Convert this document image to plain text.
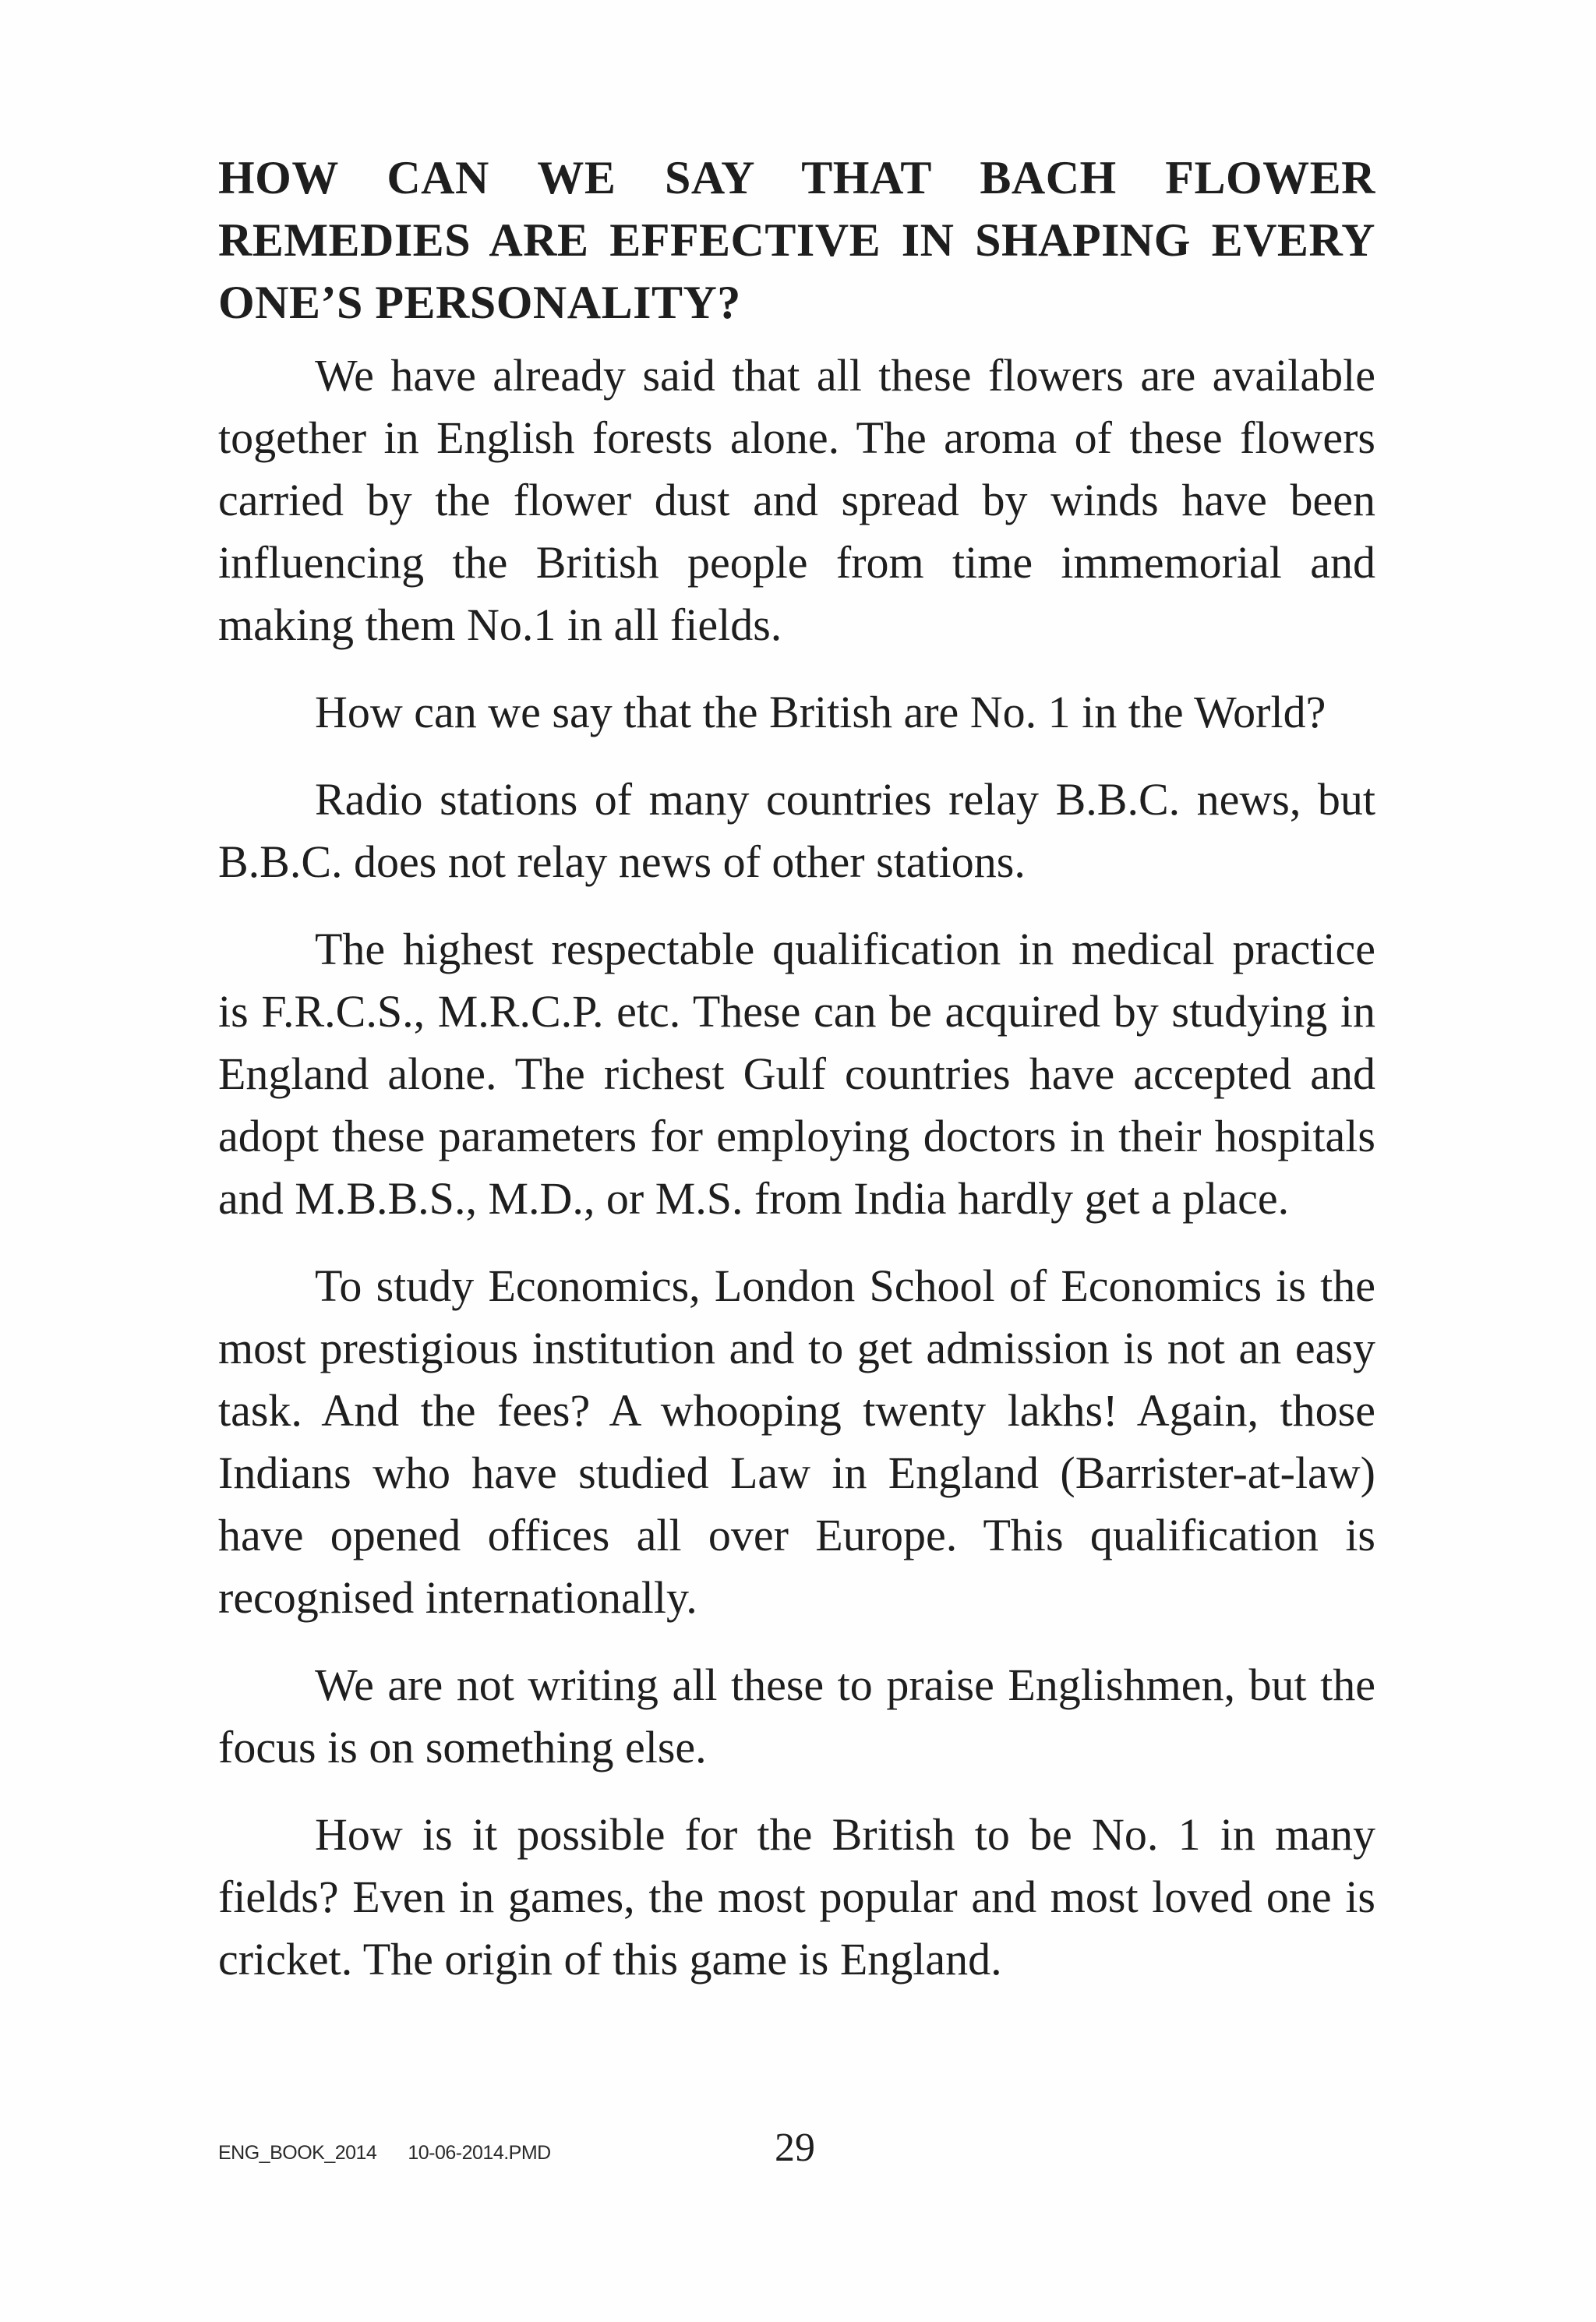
HOW CAN WE SAY THAT BACH FLOWER REMEDIES ARE EFFECTIVE IN SHAPING EVERY ONE’S PERSONALITY?

We have already said that all these flowers are available together in English forests alone. The aroma of these flowers carried by the flower dust and spread by winds have been influencing the British people from time immemorial and making them No.1 in all fields.

How can we say that the British are No. 1 in the World?

Radio stations of many countries relay B.B.C. news, but B.B.C. does not relay news of other stations.

The highest respectable qualification in medical practice is F.R.C.S., M.R.C.P. etc. These can be acquired by studying in England alone. The richest Gulf countries have accepted and adopt these parameters for employing doctors in their hospitals and M.B.B.S., M.D., or M.S. from India hardly get a place.

To study Economics, London School of Economics is the most prestigious institution and to get admission is not an easy task. And the fees? A whooping twenty lakhs! Again, those Indians who have studied Law in England (Barrister-at-law) have opened offices all over Europe. This qualification is recognised internationally.

We are not writing all these to praise Englishmen, but the focus is on something else.

How is it possible for the British to be No. 1 in many fields? Even in games, the most popular and most loved one is cricket. The origin of this game is England.

ENG_BOOK_2014 10-06-2014.PMD	29
